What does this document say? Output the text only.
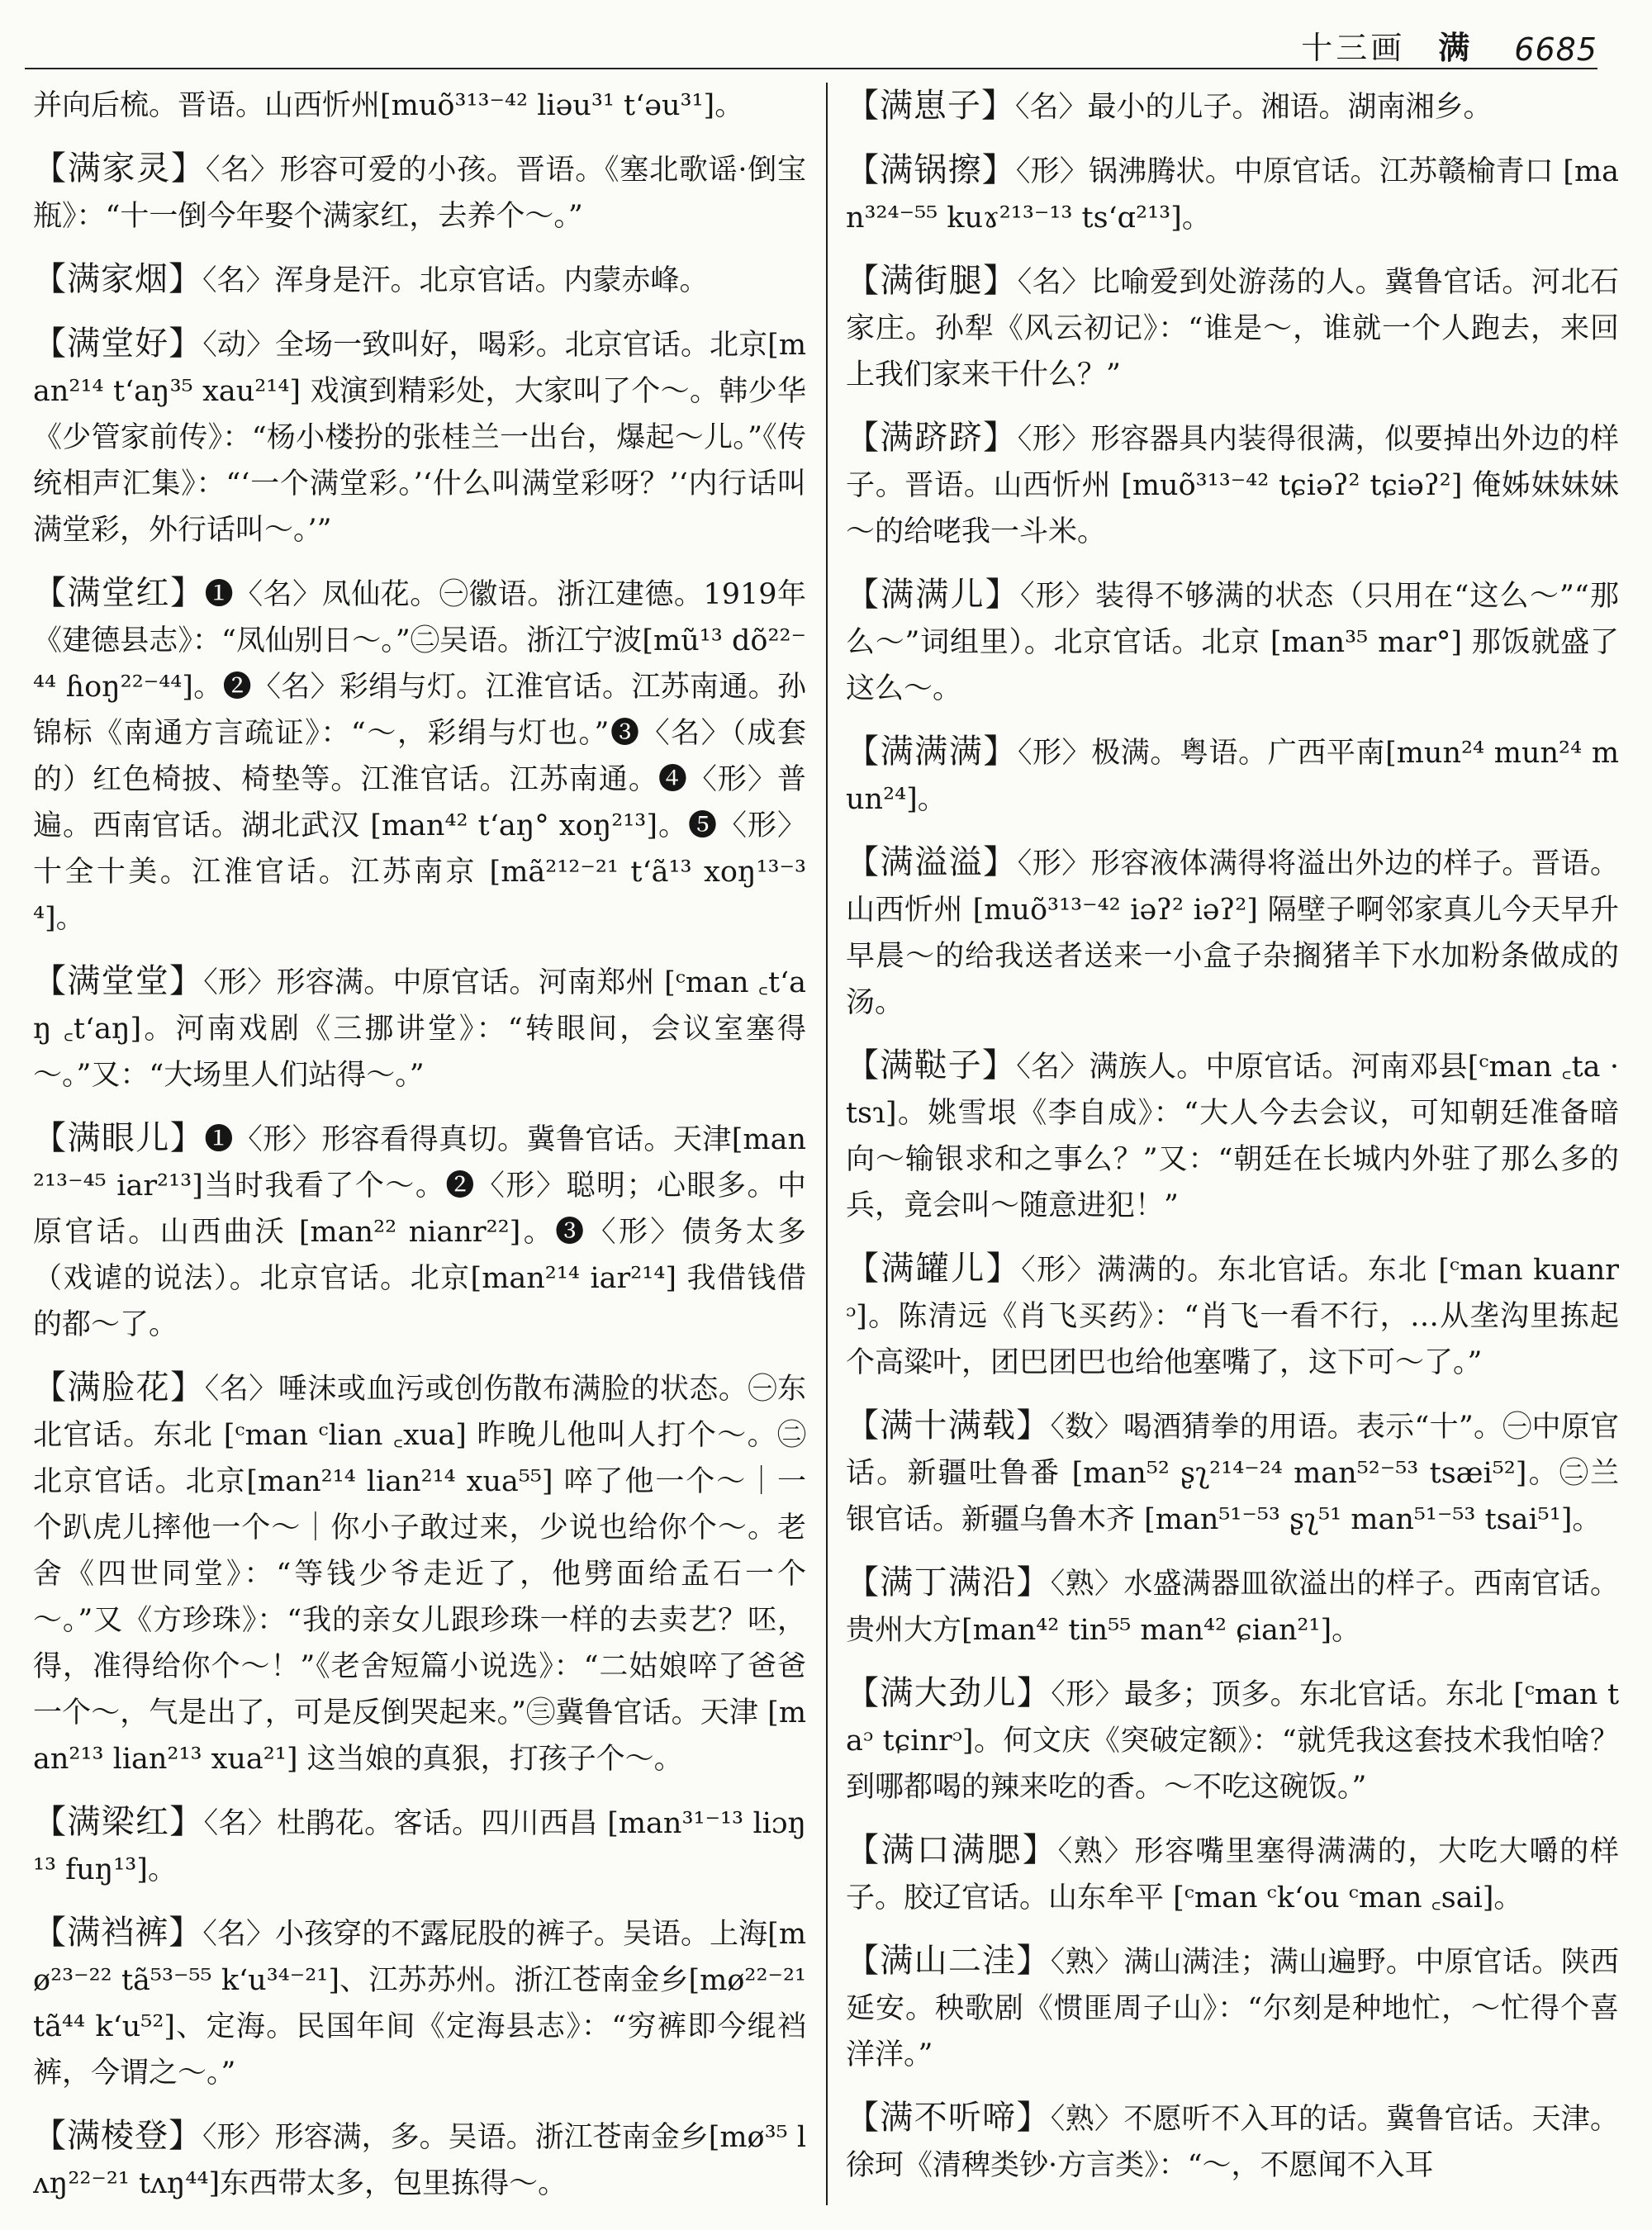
十三画 满 6685

并向后梳。晋语。山西忻州[muõ³¹³⁻⁴² liəu³¹ tʻəu³¹]。

【满家灵】〈名〉形容可爱的小孩。晋语。《塞北歌谣·倒宝瓶》：“十一倒今年娶个满家红，去养个～。”

【满家烟】〈名〉浑身是汗。北京官话。内蒙赤峰。

【满堂好】〈动〉全场一致叫好，喝彩。北京官话。北京[man²¹⁴ tʻaŋ³⁵ xau²¹⁴] 戏演到精彩处，大家叫了个～。韩少华《少管家前传》：“杨小楼扮的张桂兰一出台，爆起～儿。”《传统相声汇集》：“‘一个满堂彩。’‘什么叫满堂彩呀？’‘内行话叫满堂彩，外行话叫～。’”

【满堂红】❶〈名〉凤仙花。㊀徽语。浙江建德。1919年《建德县志》：“凤仙别日～。”㊁吴语。浙江宁波[mũ¹³ dõ²²⁻⁴⁴ ɦoŋ²²⁻⁴⁴]。❷〈名〉彩绢与灯。江淮官话。江苏南通。孙锦标《南通方言疏证》：“～，彩绢与灯也。”❸〈名〉（成套的）红色椅披、椅垫等。江淮官话。江苏南通。❹〈形〉普遍。西南官话。湖北武汉 [man⁴² tʻaŋ° xoŋ²¹³]。❺〈形〉十全十美。江淮官话。江苏南京 [mã²¹²⁻²¹ tʻã¹³ xoŋ¹³⁻³⁴]。

【满堂堂】〈形〉形容满。中原官话。河南郑州 [ᶜman ꜀tʻaŋ ꜀tʻaŋ]。河南戏剧《三挪讲堂》：“转眼间，会议室塞得～。”又：“大场里人们站得～。”

【满眼儿】❶〈形〉形容看得真切。冀鲁官话。天津[man²¹³⁻⁴⁵ iar²¹³]当时我看了个～。❷〈形〉聪明；心眼多。中原官话。山西曲沃 [man²² nianr²²]。❸〈形〉债务太多（戏谑的说法）。北京官话。北京[man²¹⁴ iar²¹⁴] 我借钱借的都～了。

【满脸花】〈名〉唾沫或血污或创伤散布满脸的状态。㊀东北官话。东北 [ᶜman ᶜlian ꜀xua] 昨晚儿他叫人打个～。㊁北京官话。北京[man²¹⁴ lian²¹⁴ xua⁵⁵] 啐了他一个～｜一个趴虎儿摔他一个～｜你小子敢过来，少说也给你个～。老舍《四世同堂》：“等钱少爷走近了，他劈面给孟石一个～。”又《方珍珠》：“我的亲女儿跟珍珠一样的去卖艺？呸，得，准得给你个～！”《老舍短篇小说选》：“二姑娘啐了爸爸一个～，气是出了，可是反倒哭起来。”㊂冀鲁官话。天津 [man²¹³ lian²¹³ xua²¹] 这当娘的真狠，打孩子个～。

【满梁红】〈名〉杜鹃花。客话。四川西昌 [man³¹⁻¹³ liɔŋ¹³ fuŋ¹³]。

【满裆裤】〈名〉小孩穿的不露屁股的裤子。吴语。上海[mø²³⁻²² tã⁵³⁻⁵⁵ kʻu³⁴⁻²¹]、江苏苏州。浙江苍南金乡[mø²²⁻²¹ tã⁴⁴ kʻu⁵²]、定海。民国年间《定海县志》：“穷裤即今绲裆裤，今谓之～。”

【满棱登】〈形〉形容满，多。吴语。浙江苍南金乡[mø³⁵ lʌŋ²²⁻²¹ tʌŋ⁴⁴]东西带太多，包里拣得～。

【满崽子】〈名〉最小的儿子。湘语。湖南湘乡。

【满锅擦】〈形〉锅沸腾状。中原官话。江苏赣榆青口 [man³²⁴⁻⁵⁵ kuɤ²¹³⁻¹³ tsʻɑ²¹³]。

【满街腿】〈名〉比喻爱到处游荡的人。冀鲁官话。河北石家庄。孙犁《风云初记》：“谁是～，谁就一个人跑去，来回上我们家来干什么？”

【满跻跻】〈形〉形容器具内装得很满，似要掉出外边的样子。晋语。山西忻州 [muõ³¹³⁻⁴² tɕiəʔ² tɕiəʔ²] 俺姊妹妹妹～的给咾我一斗米。

【满满儿】〈形〉装得不够满的状态（只用在“这么～”“那么～”词组里）。北京官话。北京 [man³⁵ mar°] 那饭就盛了这么～。

【满满满】〈形〉极满。粤语。广西平南[mun²⁴ mun²⁴ mun²⁴]。

【满溢溢】〈形〉形容液体满得将溢出外边的样子。晋语。山西忻州 [muõ³¹³⁻⁴² iəʔ² iəʔ²] 隔壁子啊邻家真儿今天早升早晨～的给我送者送来一小盒子杂搁猪羊下水加粉条做成的汤。

【满鞑子】〈名〉满族人。中原官话。河南邓县[ᶜman ꜀ta ·tsɿ]。姚雪垠《李自成》：“大人今去会议，可知朝廷准备暗向～输银求和之事么？”又：“朝廷在长城内外驻了那么多的兵，竟会叫～随意进犯！”

【满罐儿】〈形〉满满的。东北官话。东北 [ᶜman kuanrᵓ]。陈清远《肖飞买药》：“肖飞一看不行，…从垄沟里拣起个高粱叶，团巴团巴也给他塞嘴了，这下可～了。”

【满十满载】〈数〉喝酒猜拳的用语。表示“十”。㊀中原官话。新疆吐鲁番 [man⁵² ʂʅ²¹⁴⁻²⁴ man⁵²⁻⁵³ tsæi⁵²]。㊁兰银官话。新疆乌鲁木齐 [man⁵¹⁻⁵³ ʂʅ⁵¹ man⁵¹⁻⁵³ tsai⁵¹]。

【满丁满沿】〈熟〉水盛满器皿欲溢出的样子。西南官话。贵州大方[man⁴² tin⁵⁵ man⁴² ɕian²¹]。

【满大劲儿】〈形〉最多；顶多。东北官话。东北 [ᶜman taᵓ tɕinrᵓ]。何文庆《突破定额》：“就凭我这套技术我怕啥？到哪都喝的辣来吃的香。～不吃这碗饭。”

【满口满腮】〈熟〉形容嘴里塞得满满的，大吃大嚼的样子。胶辽官话。山东牟平 [ᶜman ᶜkʻou ᶜman ꜀sai]。

【满山二洼】〈熟〉满山满洼；满山遍野。中原官话。陕西延安。秧歌剧《惯匪周子山》：“尔刻是种地忙，～忙得个喜洋洋。”

【满不听啼】〈熟〉不愿听不入耳的话。冀鲁官话。天津。徐珂《清稗类钞·方言类》：“～，不愿闻不入耳
